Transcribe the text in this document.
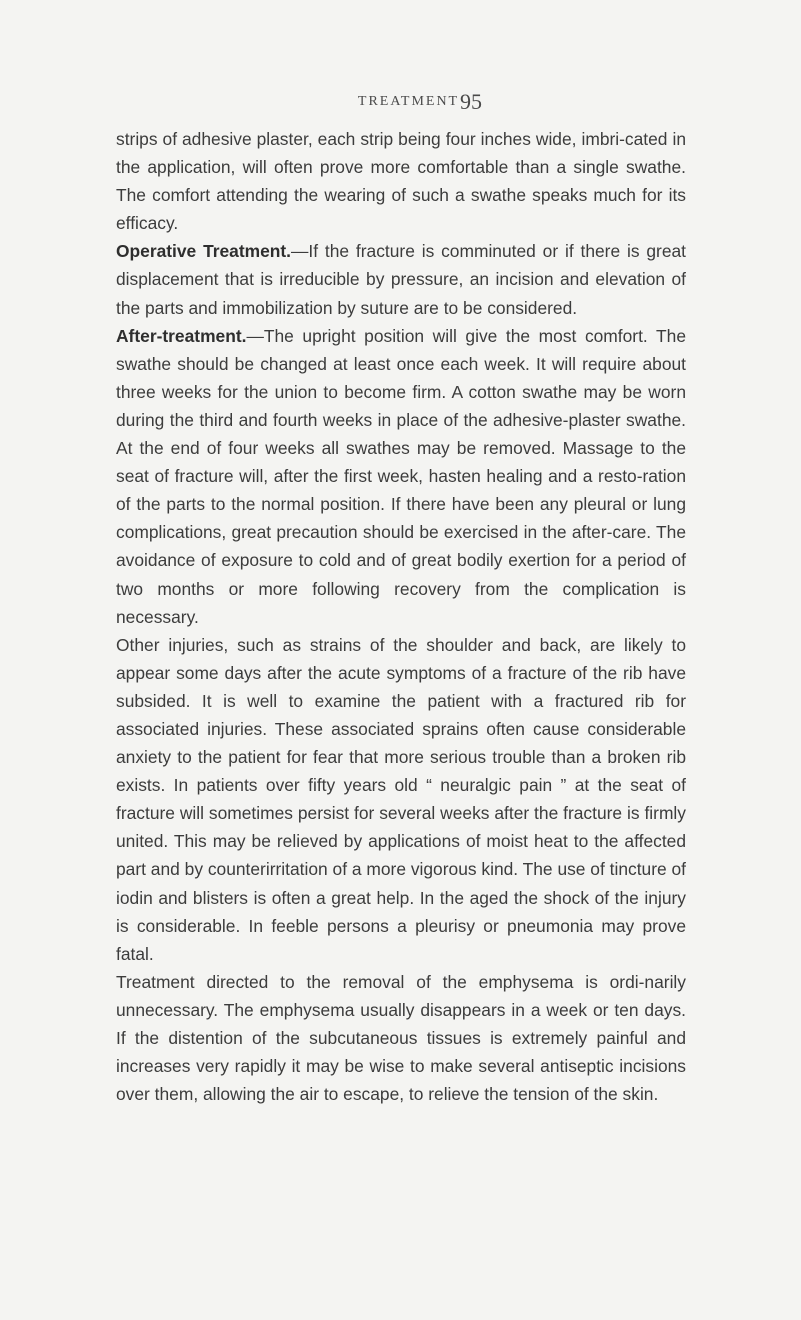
TREATMENT 95

strips of adhesive plaster, each strip being four inches wide, imbri-cated in the application, will often prove more comfortable than a single swathe. The comfort attending the wearing of such a swathe speaks much for its efficacy.

Operative Treatment.—If the fracture is comminuted or if there is great displacement that is irreducible by pressure, an incision and elevation of the parts and immobilization by suture are to be considered.

After-treatment.—The upright position will give the most comfort. The swathe should be changed at least once each week. It will require about three weeks for the union to become firm. A cotton swathe may be worn during the third and fourth weeks in place of the adhesive-plaster swathe. At the end of four weeks all swathes may be removed. Massage to the seat of fracture will, after the first week, hasten healing and a resto-ration of the parts to the normal position. If there have been any pleural or lung complications, great precaution should be exercised in the after-care. The avoidance of exposure to cold and of great bodily exertion for a period of two months or more following recovery from the complication is necessary.

Other injuries, such as strains of the shoulder and back, are likely to appear some days after the acute symptoms of a fracture of the rib have subsided. It is well to examine the patient with a fractured rib for associated injuries. These associated sprains often cause considerable anxiety to the patient for fear that more serious trouble than a broken rib exists. In patients over fifty years old “ neuralgic pain ” at the seat of fracture will sometimes persist for several weeks after the fracture is firmly united. This may be relieved by applications of moist heat to the affected part and by counterirritation of a more vigorous kind. The use of tincture of iodin and blisters is often a great help. In the aged the shock of the injury is considerable. In feeble persons a pleurisy or pneumonia may prove fatal.

Treatment directed to the removal of the emphysema is ordi-narily unnecessary. The emphysema usually disappears in a week or ten days. If the distention of the subcutaneous tissues is extremely painful and increases very rapidly it may be wise to make several antiseptic incisions over them, allowing the air to escape, to relieve the tension of the skin.
